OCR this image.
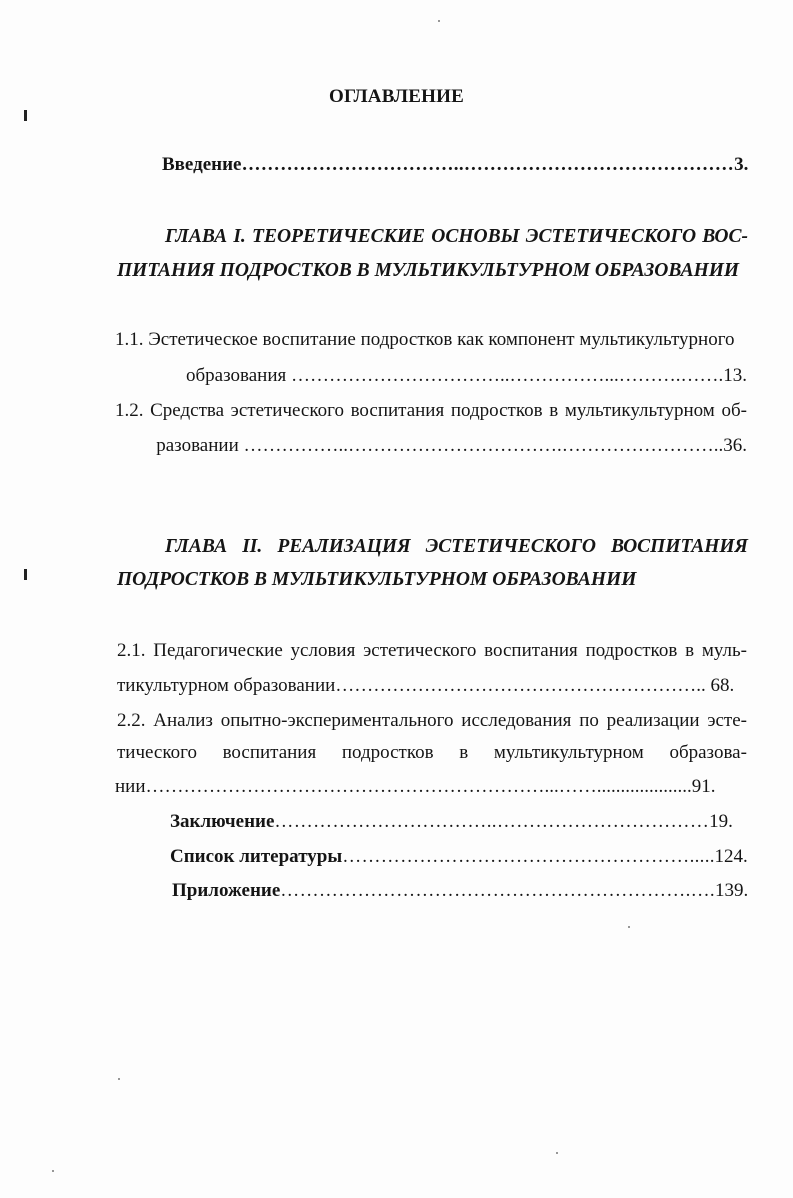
ОГЛАВЛЕНИЕ
Введение……………………………..……………………………………3.
ГЛАВА I. ТЕОРЕТИЧЕСКИЕ ОСНОВЫ ЭСТЕТИЧЕСКОГО ВОС-
ПИТАНИЯ ПОДРОСТКОВ В МУЛЬТИКУЛЬТУРНОМ ОБРАЗОВАНИИ
1.1. Эстетическое воспитание подростков как компонент мультикультурного
образования ……………………………..……………...……….…….13.
1.2. Средства эстетического воспитания подростков в мультикультурном об-
разовании ……………..…………………………….……………………..36.
ГЛАВА II. РЕАЛИЗАЦИЯ ЭСТЕТИЧЕСКОГО ВОСПИТАНИЯ
ПОДРОСТКОВ В МУЛЬТИКУЛЬТУРНОМ ОБРАЗОВАНИИ
2.1. Педагогические условия эстетического воспитания подростков в муль-
тикультурном образовании………………………………………………….. 68.
2.2. Анализ опытно-экспериментального исследования по реализации эсте-
тического воспитания подростков в мультикультурном образова-
нии………………………………………………………...……....................91.
Заключение……………………………..……………………………19.
Список литературы……………………………………………….....124.
Приложение……………………………………………………….….139.
